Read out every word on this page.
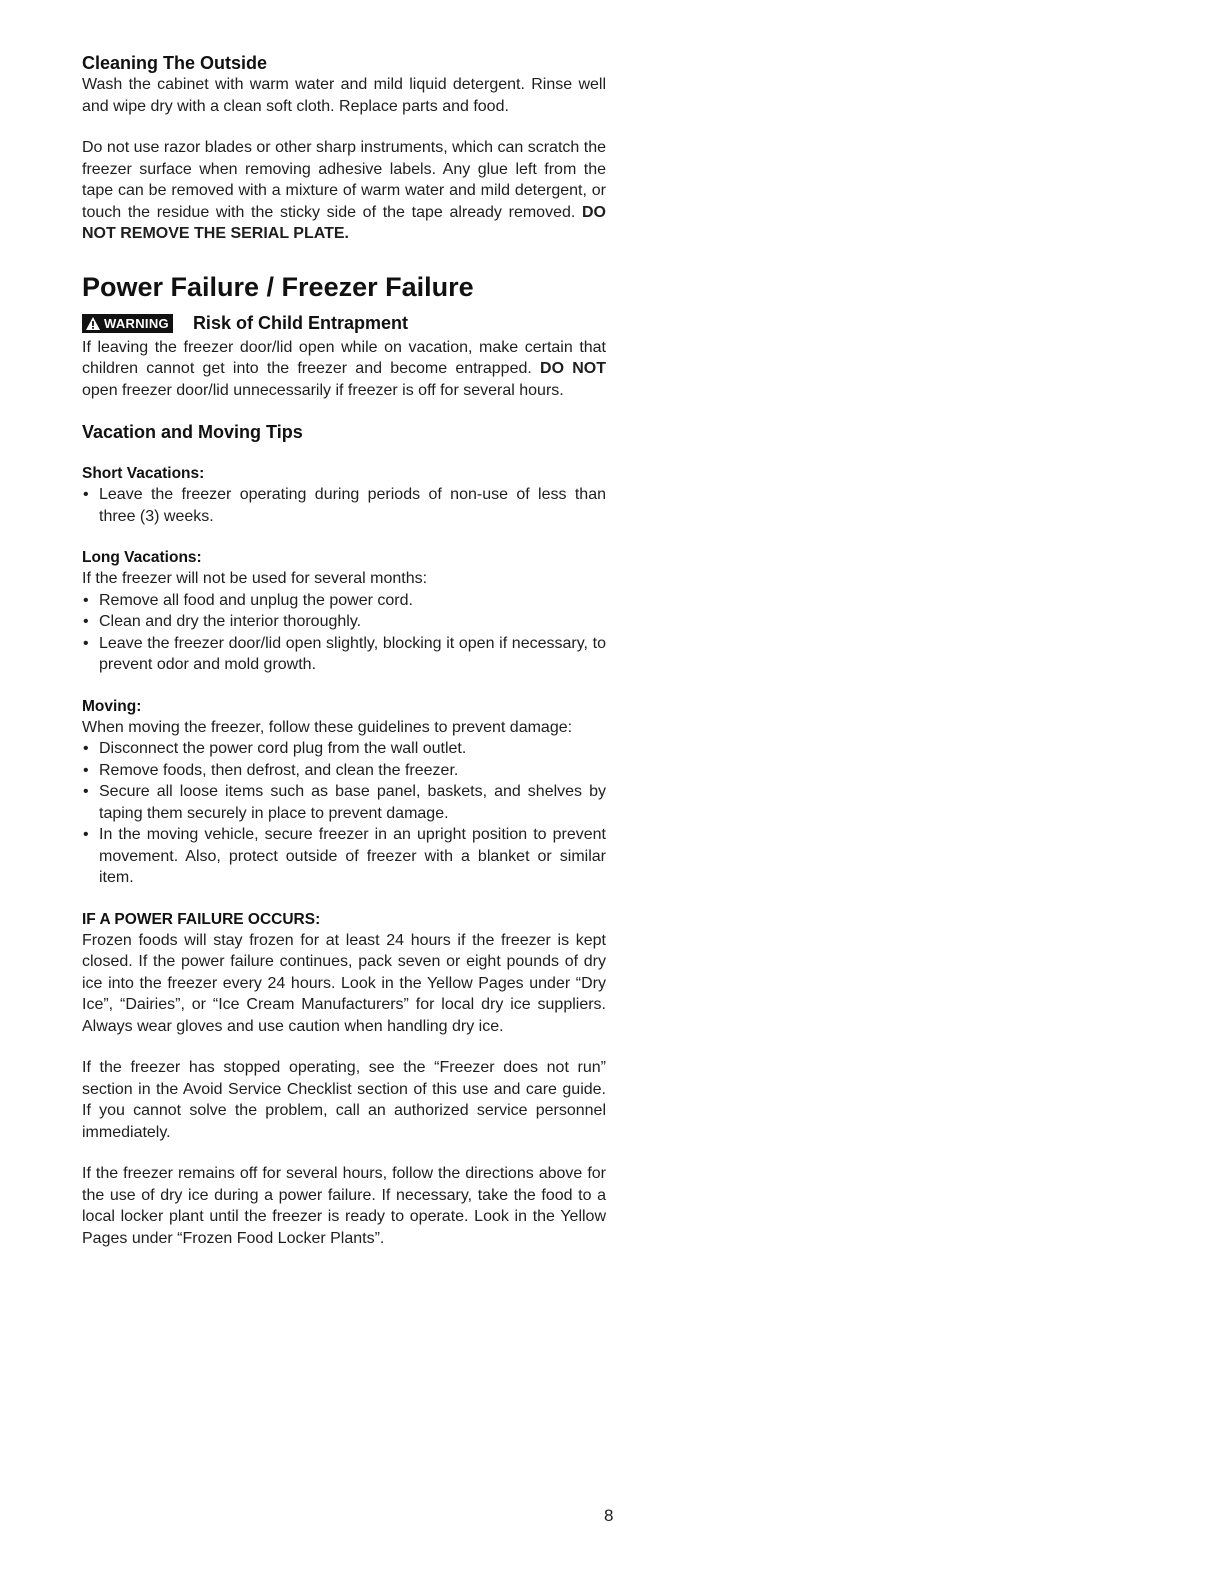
Cleaning The Outside

Wash the cabinet with warm water and mild liquid detergent. Rinse well and wipe dry with a clean soft cloth. Replace parts and food.

Do not use razor blades or other sharp instruments, which can scratch the freezer surface when removing adhesive labels. Any glue left from the tape can be removed with a mixture of warm water and mild detergent, or touch the residue with the sticky side of the tape already removed. DO NOT REMOVE THE SERIAL PLATE.

Power Failure / Freezer Failure
WARNING Risk of Child Entrapment

If leaving the freezer door/lid open while on vacation, make certain that children cannot get into the freezer and become entrapped. DO NOT open freezer door/lid unnecessarily if freezer is off for several hours.

Vacation and Moving Tips
Short Vacations:
• Leave the freezer operating during periods of non-use of less than three (3) weeks.
Long Vacations:

If the freezer will not be used for several months:

• Remove all food and unplug the power cord.
• Clean and dry the interior thoroughly.
• Leave the freezer door/lid open slightly, blocking it open if necessary, to prevent odor and mold growth.
Moving:

When moving the freezer, follow these guidelines to prevent damage:

• Disconnect the power cord plug from the wall outlet.
• Remove foods, then defrost, and clean the freezer.
• Secure all loose items such as base panel, baskets, and shelves by taping them securely in place to prevent damage.
• In the moving vehicle, secure freezer in an upright position to prevent movement. Also, protect outside of freezer with a blanket or similar item.
IF A POWER FAILURE OCCURS:

Frozen foods will stay frozen for at least 24 hours if the freezer is kept closed. If the power failure continues, pack seven or eight pounds of dry ice into the freezer every 24 hours. Look in the Yellow Pages under “Dry Ice”, “Dairies”, or “Ice Cream Manufacturers” for local dry ice suppliers. Always wear gloves and use caution when handling dry ice.

If the freezer has stopped operating, see the “Freezer does not run” section in the Avoid Service Checklist section of this use and care guide. If you cannot solve the problem, call an authorized service personnel immediately.

If the freezer remains off for several hours, follow the directions above for the use of dry ice during a power failure. If necessary, take the food to a local locker plant until the freezer is ready to operate. Look in the Yellow Pages under “Frozen Food Locker Plants”.

8
